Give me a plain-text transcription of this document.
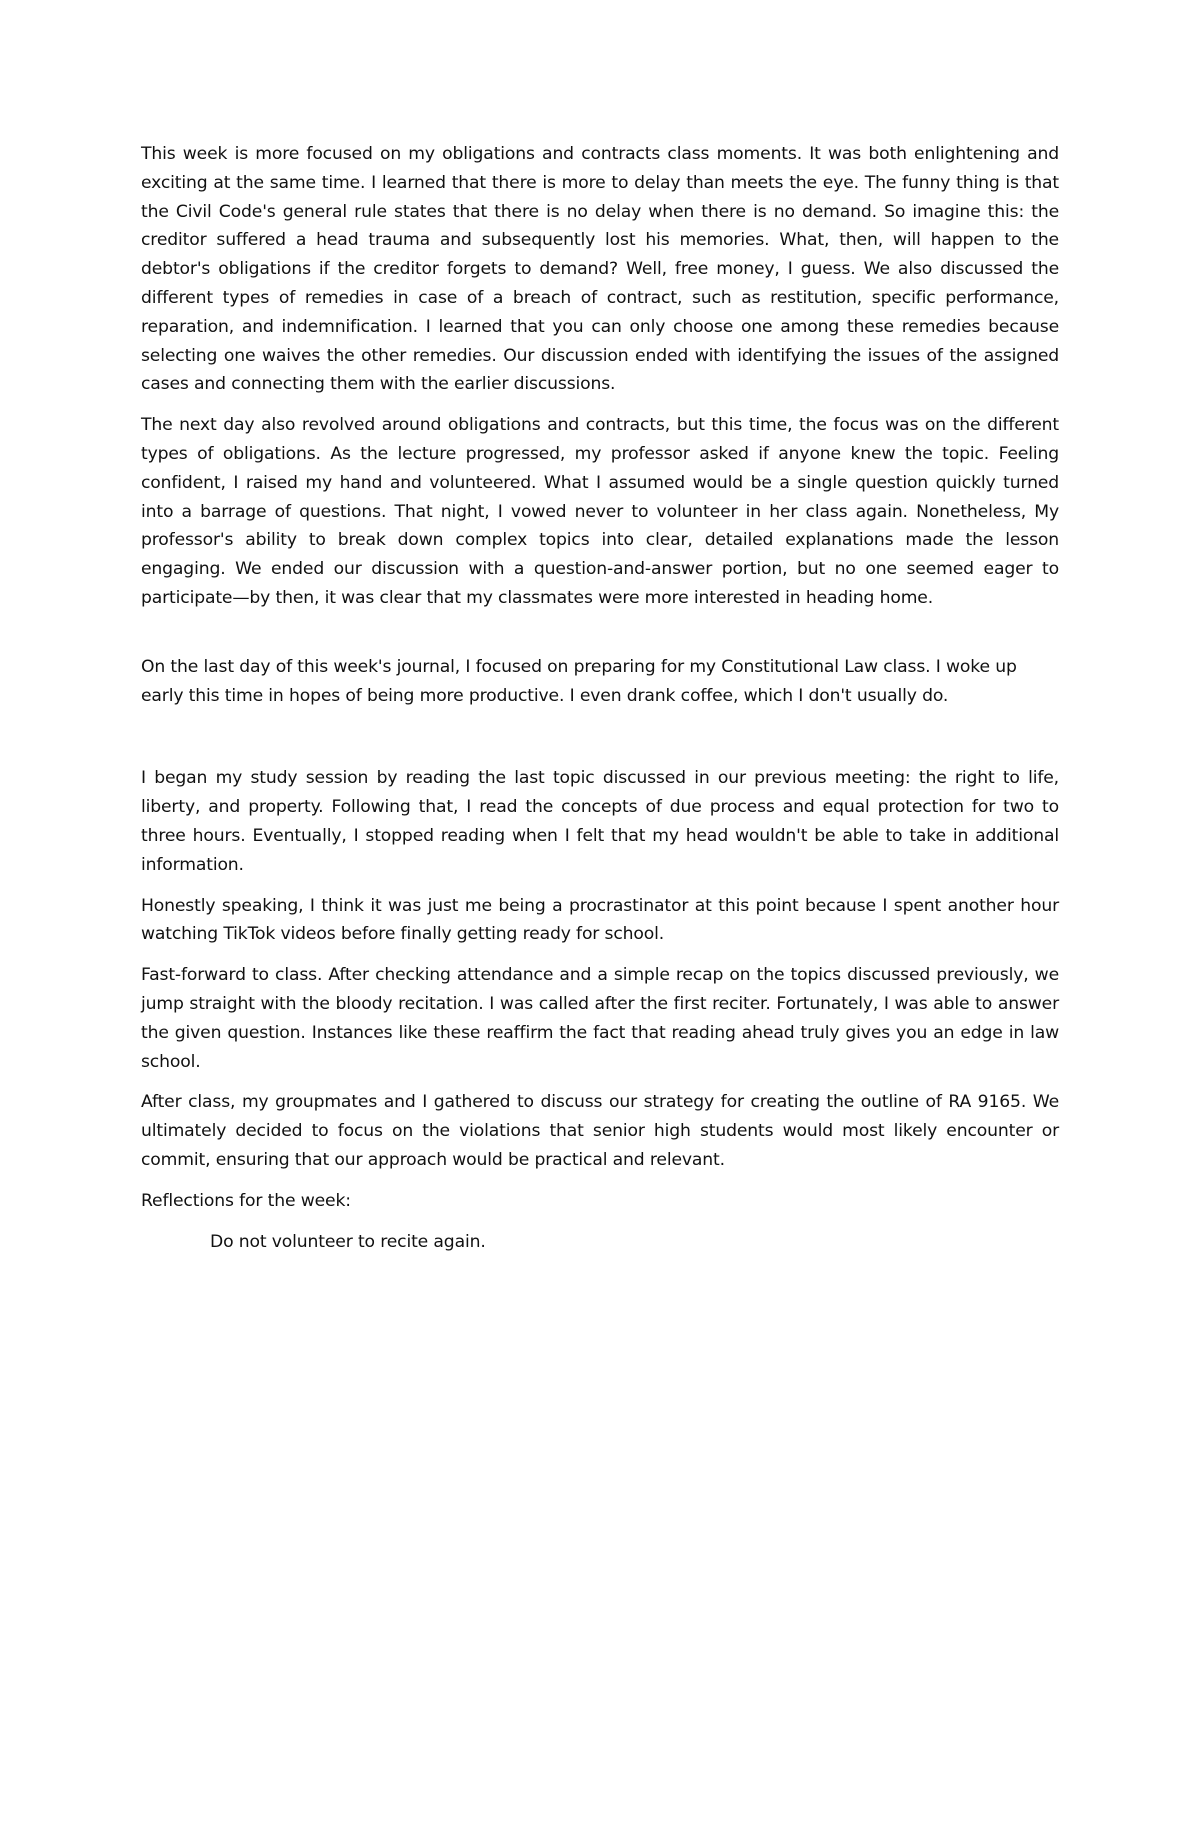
This week is more focused on my obligations and contracts class moments. It was both enlightening and exciting at the same time. I learned that there is more to delay than meets the eye. The funny thing is that the Civil Code's general rule states that there is no delay when there is no demand. So imagine this: the creditor suffered a head trauma and subsequently lost his memories. What, then, will happen to the debtor's obligations if the creditor forgets to demand? Well, free money, I guess. We also discussed the different types of remedies in case of a breach of contract, such as restitution, specific performance, reparation, and indemnification. I learned that you can only choose one among these remedies because selecting one waives the other remedies. Our discussion ended with identifying the issues of the assigned cases and connecting them with the earlier discussions.

The next day also revolved around obligations and contracts, but this time, the focus was on the different types of obligations. As the lecture progressed, my professor asked if anyone knew the topic. Feeling confident, I raised my hand and volunteered. What I assumed would be a single question quickly turned into a barrage of questions. That night, I vowed never to volunteer in her class again. Nonetheless, My professor's ability to break down complex topics into clear, detailed explanations made the lesson engaging. We ended our discussion with a question-and-answer portion, but no one seemed eager to participate—by then, it was clear that my classmates were more interested in heading home.

On the last day of this week's journal, I focused on preparing for my Constitutional Law class. I woke up early this time in hopes of being more productive. I even drank coffee, which I don't usually do.

I began my study session by reading the last topic discussed in our previous meeting: the right to life, liberty, and property. Following that, I read the concepts of due process and equal protection for two to three hours. Eventually, I stopped reading when I felt that my head wouldn't be able to take in additional information.

Honestly speaking, I think it was just me being a procrastinator at this point because I spent another hour watching TikTok videos before finally getting ready for school.

Fast-forward to class. After checking attendance and a simple recap on the topics discussed previously, we jump straight with the bloody recitation. I was called after the first reciter. Fortunately, I was able to answer the given question. Instances like these reaffirm the fact that reading ahead truly gives you an edge in law school.

After class, my groupmates and I gathered to discuss our strategy for creating the outline of RA 9165. We ultimately decided to focus on the violations that senior high students would most likely encounter or commit, ensuring that our approach would be practical and relevant.

Reflections for the week:

Do not volunteer to recite again.
